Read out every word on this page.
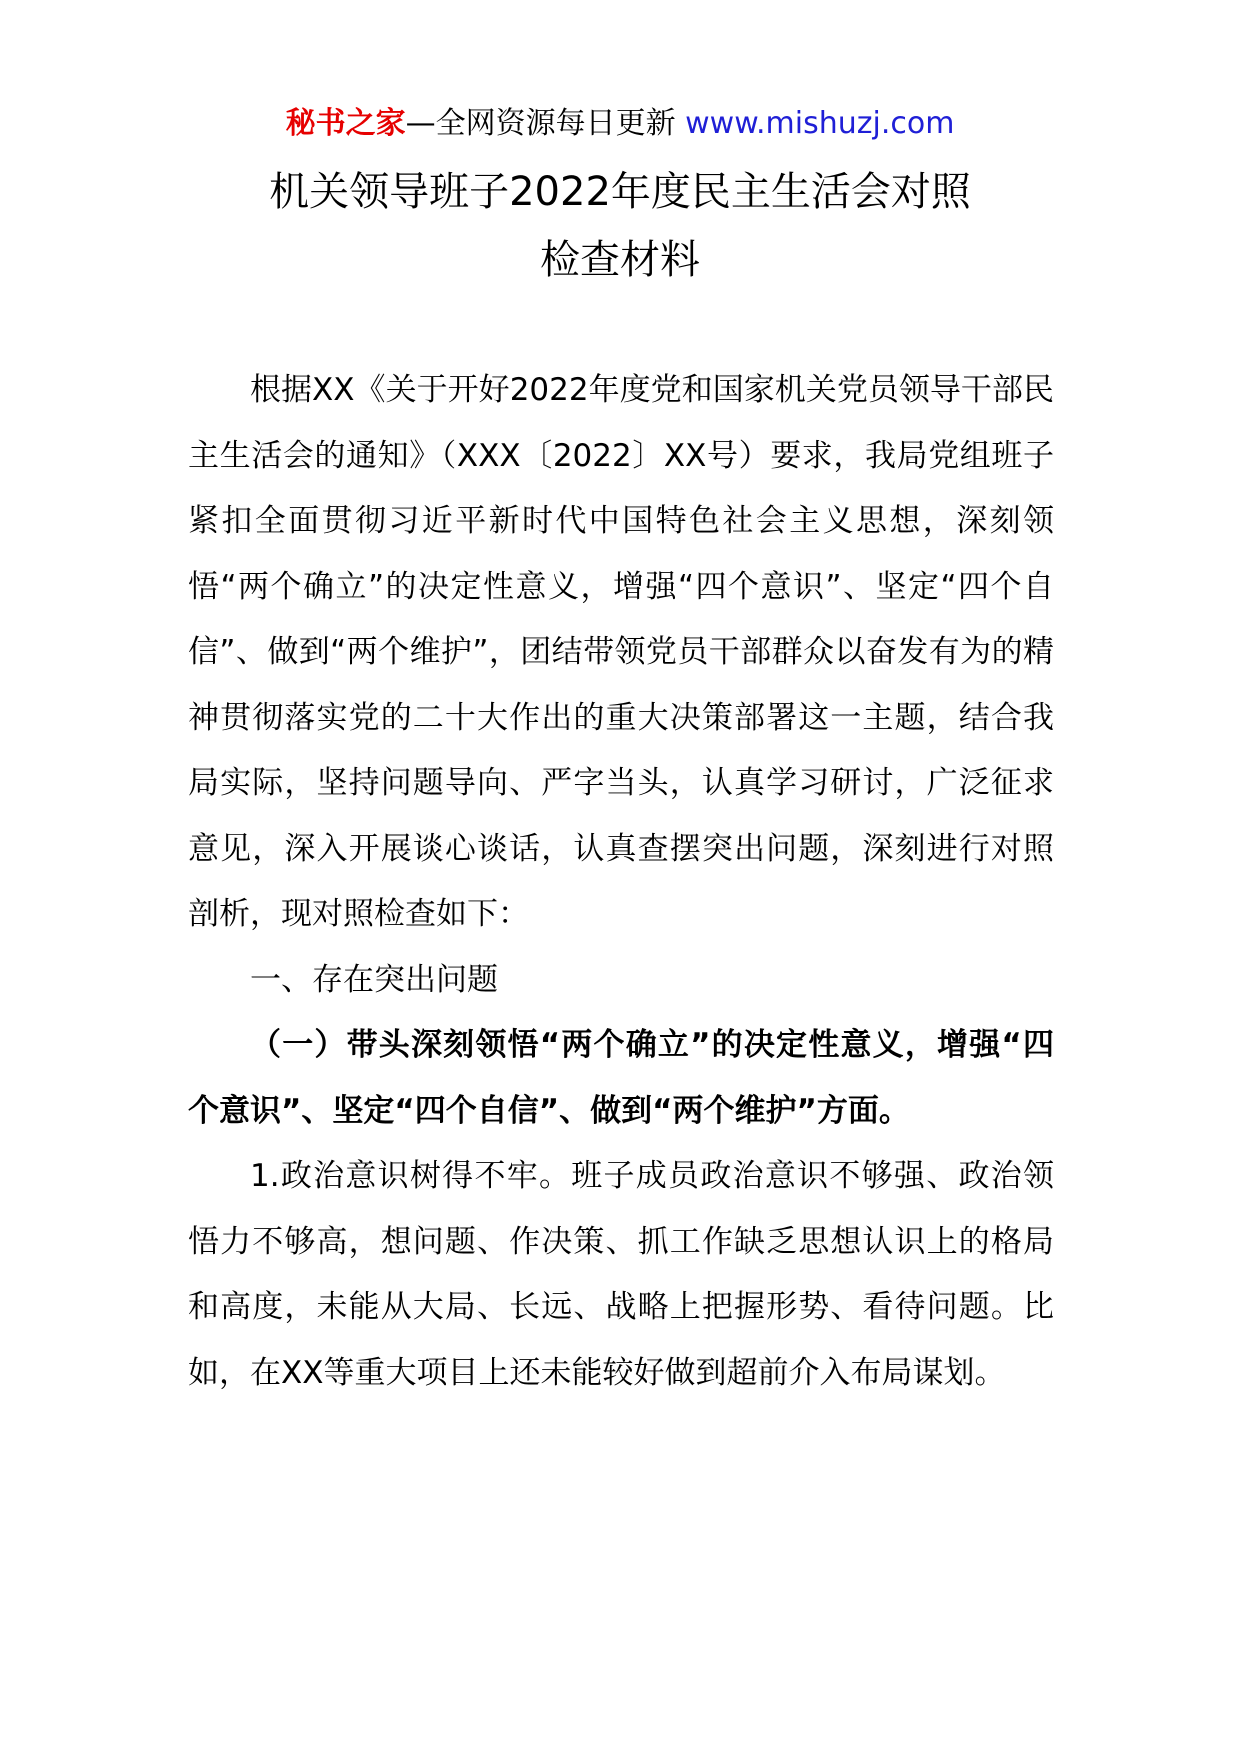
秘书之家—全网资源每日更新 www.mishuzj.com
机关领导班子2022年度民主生活会对照
检查材料

根据XX《关于开好2022年度党和国家机关党员领导干部民主生活会的通知》（XXX〔2022〕XX号）要求，我局党组班子紧扣全面贯彻习近平新时代中国特色社会主义思想，深刻领悟“两个确立”的决定性意义，增强“四个意识”、坚定“四个自信”、做到“两个维护”，团结带领党员干部群众以奋发有为的精神贯彻落实党的二十大作出的重大决策部署这一主题，结合我局实际，坚持问题导向、严字当头，认真学习研讨，广泛征求意见，深入开展谈心谈话，认真查摆突出问题，深刻进行对照剖析，现对照检查如下：

一、存在突出问题

（一）带头深刻领悟“两个确立”的决定性意义，增强“四个意识”、坚定“四个自信”、做到“两个维护”方面。

1.政治意识树得不牢。班子成员政治意识不够强、政治领悟力不够高，想问题、作决策、抓工作缺乏思想认识上的格局和高度，未能从大局、长远、战略上把握形势、看待问题。比如，在XX等重大项目上还未能较好做到超前介入布局谋划。
